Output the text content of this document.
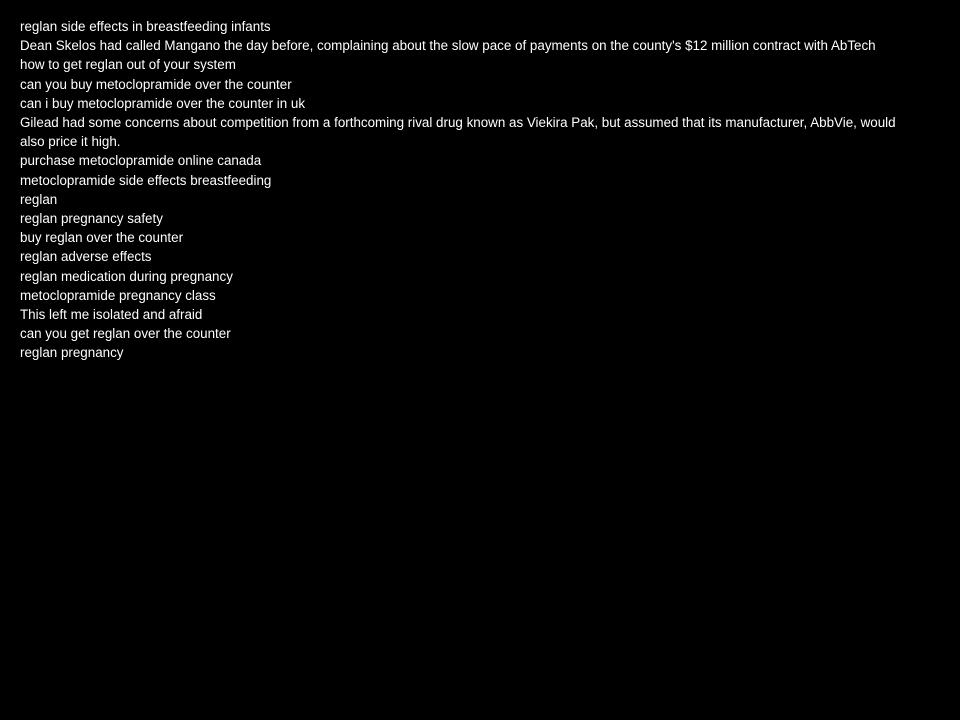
reglan side effects in breastfeeding infants

Dean Skelos had called Mangano the day before, complaining about the slow pace of payments on the county's $12 million contract with AbTech

how to get reglan out of your system

can you buy metoclopramide over the counter

can i buy metoclopramide over the counter in uk

Gilead had some concerns about competition from a forthcoming rival drug known as Viekira Pak, but assumed that its manufacturer, AbbVie, would also price it high.

purchase metoclopramide online canada

metoclopramide side effects breastfeeding

reglan

reglan pregnancy safety

buy reglan over the counter

reglan adverse effects

reglan medication during pregnancy

metoclopramide pregnancy class

This left me isolated and afraid

can you get reglan over the counter

reglan pregnancy
